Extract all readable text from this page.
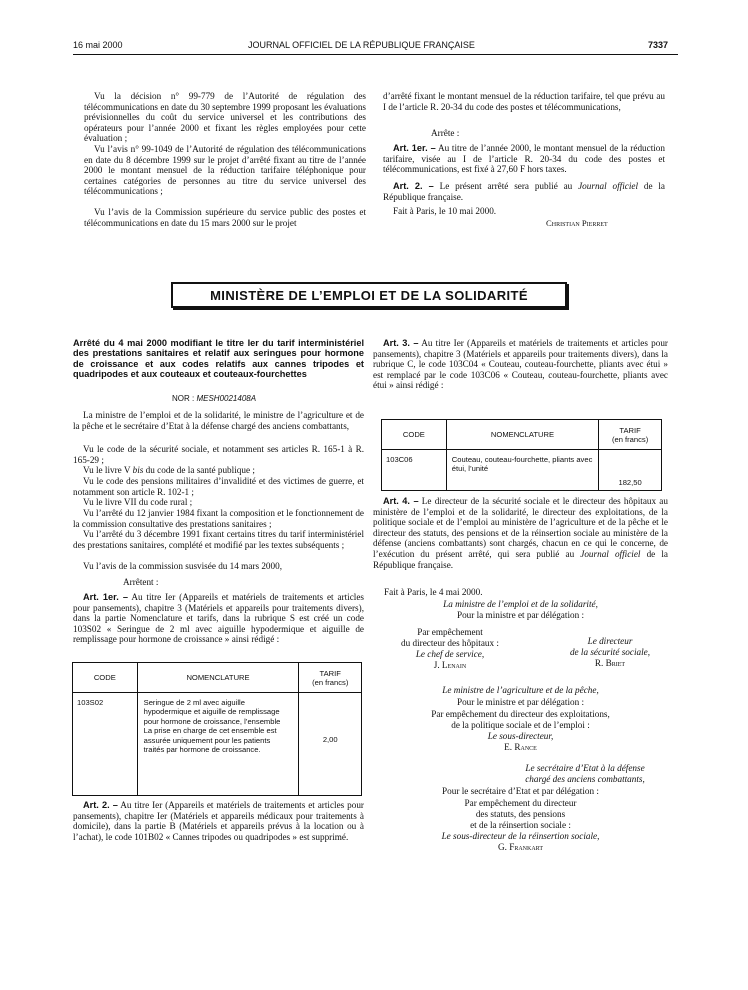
16 mai 2000	JOURNAL OFFICIEL DE LA RÉPUBLIQUE FRANÇAISE	7337

Vu la décision n° 99-779 de l’Autorité de régulation des télécommunications en date du 30 septembre 1999 proposant les évaluations prévisionnelles du coût du service universel et les contributions des opérateurs pour l’année 2000 et fixant les règles employées pour cette évaluation ;

Vu l’avis n° 99-1049 de l’Autorité de régulation des télécommunications en date du 8 décembre 1999 sur le projet d’arrêté fixant au titre de l’année 2000 le montant mensuel de la réduction tarifaire téléphonique pour certaines catégories de personnes au titre du service universel des télécommunications ;

Vu l’avis de la Commission supérieure du service public des postes et télécommunications en date du 15 mars 2000 sur le projet

d’arrêté fixant le montant mensuel de la réduction tarifaire, tel que prévu au I de l’article R. 20-34 du code des postes et télécommunications,

Arrête :

Art. 1er. – Au titre de l’année 2000, le montant mensuel de la réduction tarifaire, visée au I de l’article R. 20-34 du code des postes et télécommunications, est fixé à 27,60 F hors taxes.

Art. 2. – Le présent arrêté sera publié au Journal officiel de la République française.

Fait à Paris, le 10 mai 2000.

Christian Pierret

MINISTÈRE DE L’EMPLOI ET DE LA SOLIDARITÉ

Arrêté du 4 mai 2000 modifiant le titre Ier du tarif interministériel des prestations sanitaires et relatif aux seringues pour hormone de croissance et aux codes relatifs aux cannes tripodes et quadripodes et aux couteaux et couteaux-fourchettes

NOR : MESH0021408A

La ministre de l’emploi et de la solidarité, le ministre de l’agriculture et de la pêche et le secrétaire d’Etat à la défense chargé des anciens combattants,

Vu le code de la sécurité sociale, et notamment ses articles R. 165-1 à R. 165-29 ;

Vu le livre V bis du code de la santé publique ;

Vu le code des pensions militaires d’invalidité et des victimes de guerre, et notamment son article R. 102-1 ;

Vu le livre VII du code rural ;

Vu l’arrêté du 12 janvier 1984 fixant la composition et le fonctionnement de la commission consultative des prestations sanitaires ;

Vu l’arrêté du 3 décembre 1991 fixant certains titres du tarif interministériel des prestations sanitaires, complété et modifié par les textes subséquents ;

Vu l’avis de la commission susvisée du 14 mars 2000,

Arrêtent :

Art. 1er. – Au titre Ier (Appareils et matériels de traitements et articles pour pansements), chapitre 3 (Matériels et appareils pour traitements divers), dans la partie Nomenclature et tarifs, dans la rubrique S est créé un code 103S02 « Seringue de 2 ml avec aiguille hypodermique et aiguille de remplissage pour hormone de croissance » ainsi rédigé :

CODE	NOMENCLATURE	TARIF
(en francs)
103S02	Seringue de 2 ml avec aiguille hypodermique et aiguille de remplissage pour hormone de croissance, l’ensemble
La prise en charge de cet ensemble est assurée uniquement pour les patients traités par hormone de croissance.	2,00

Art. 2. – Au titre Ier (Appareils et matériels de traitements et articles pour pansements), chapitre Ier (Matériels et appareils médicaux pour traitements à domicile), dans la partie B (Matériels et appareils prévus à la location ou à l’achat), le code 101B02 « Cannes tripodes ou quadripodes » est supprimé.

Art. 3. – Au titre Ier (Appareils et matériels de traitements et articles pour pansements), chapitre 3 (Matériels et appareils pour traitements divers), dans la rubrique C, le code 103C04 « Couteau, couteau-fourchette, pliants avec étui » est remplacé par le code 103C06 « Couteau, couteau-fourchette, pliants avec étui » ainsi rédigé :

CODE	NOMENCLATURE	TARIF
(en francs)
103C06	Couteau, couteau-fourchette, pliants avec étui, l’unité	182,50

Art. 4. – Le directeur de la sécurité sociale et le directeur des hôpitaux au ministère de l’emploi et de la solidarité, le directeur des exploitations, de la politique sociale et de l’emploi au ministère de l’agriculture et de la pêche et le directeur des statuts, des pensions et de la réinsertion sociale au ministère de la défense (anciens combattants) sont chargés, chacun en ce qui le concerne, de l’exécution du présent arrêté, qui sera publié au Journal officiel de la République française.

Fait à Paris, le 4 mai 2000.

La ministre de l’emploi et de la solidarité,

Pour la ministre et par délégation :

Par empêchement

du directeur des hôpitaux :

Le chef de service,

J. Lenain

Le directeur

de la sécurité sociale,

R. Briet

Le ministre de l’agriculture et de la pêche,

Pour le ministre et par délégation :

Par empêchement du directeur des exploitations,

de la politique sociale et de l’emploi :

Le sous-directeur,

E. Rance

Le secrétaire d’Etat à la défense

chargé des anciens combattants,

Pour le secrétaire d’Etat et par délégation :

Par empêchement du directeur

des statuts, des pensions

et de la réinsertion sociale :

Le sous-directeur de la réinsertion sociale,

G. Frankart
